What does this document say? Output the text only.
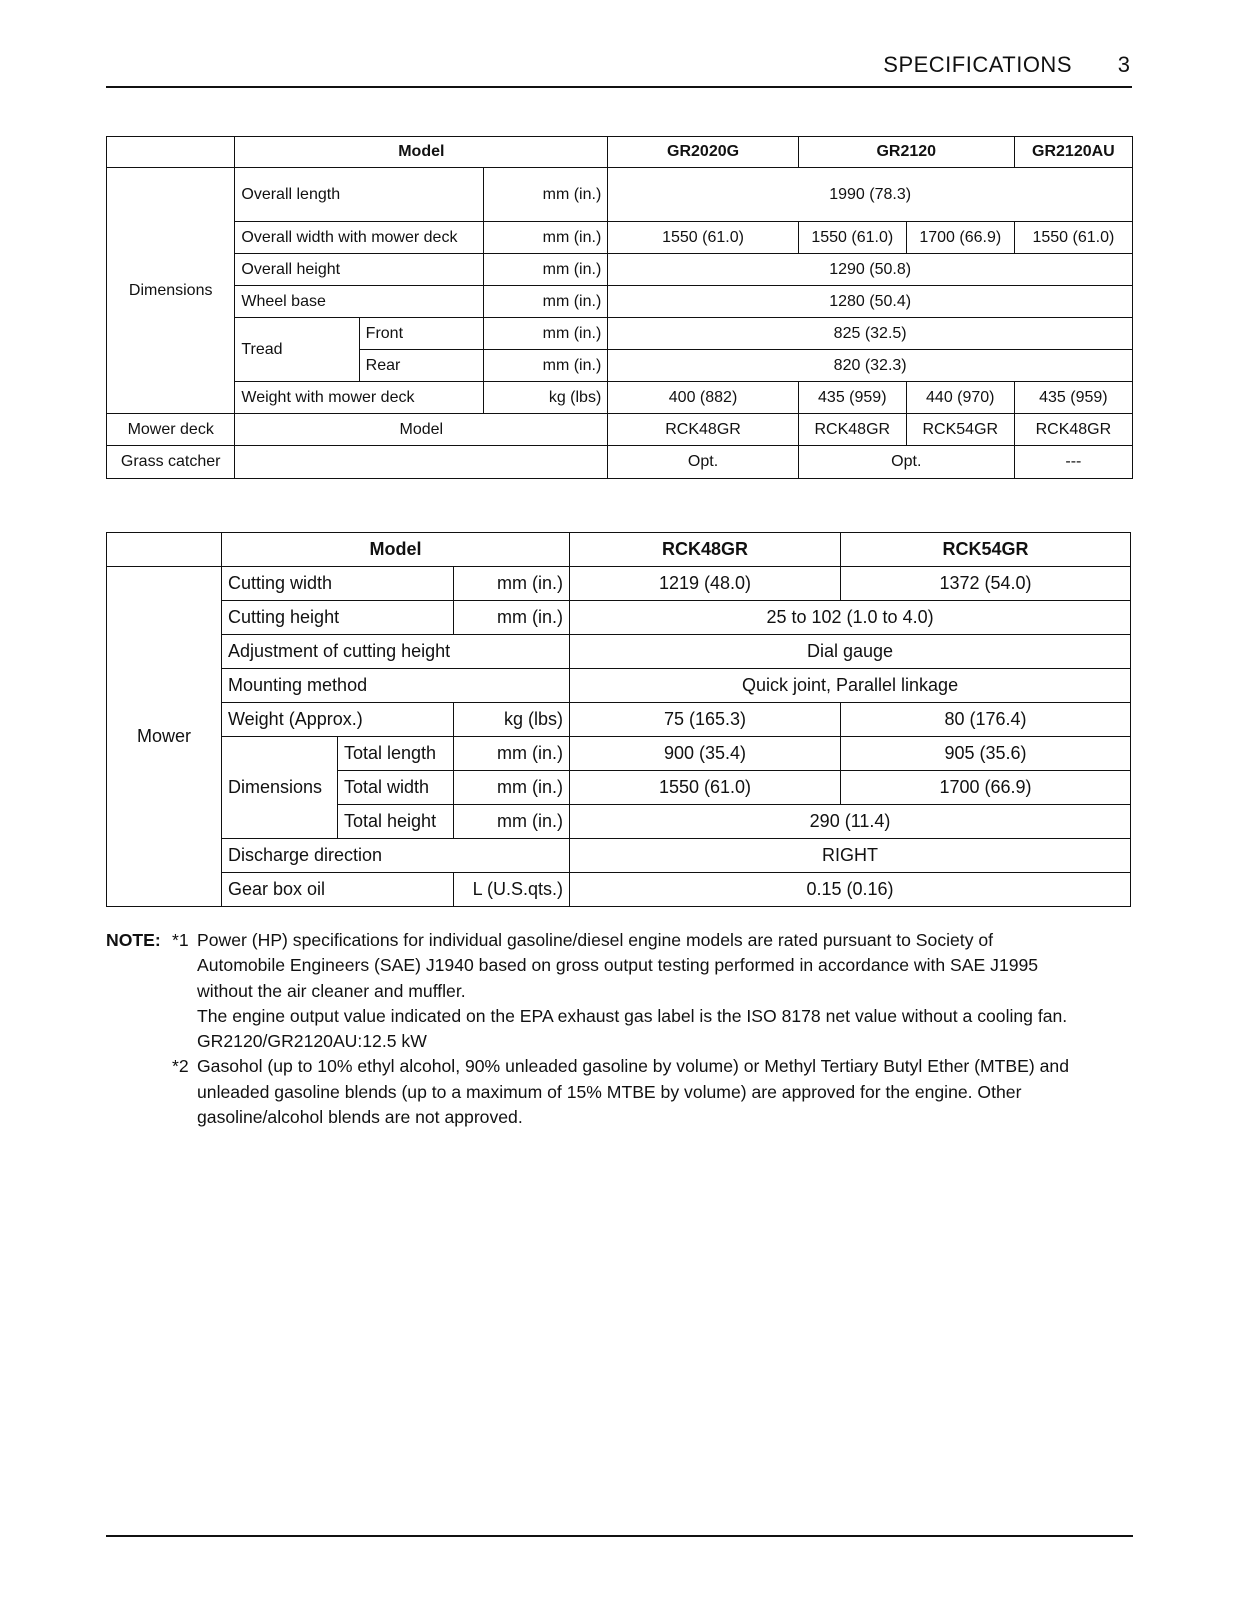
SPECIFICATIONS 3
	Model			GR2020G	GR2120		GR2120AU
Dimensions	Overall length		mm (in.)	1990 (78.3)			
	Overall width with mower deck		mm (in.)	1550 (61.0)	1550 (61.0)	1700 (66.9)	1550 (61.0)
	Overall height		mm (in.)	1290 (50.8)			
	Wheel base		mm (in.)	1280 (50.4)			
	Tread	Front	mm (in.)	825 (32.5)			
		Rear	mm (in.)	820 (32.3)			
	Weight with mower deck		kg (lbs)	400 (882)	435 (959)	440 (970)	435 (959)
Mower deck	Model			RCK48GR	RCK48GR	RCK54GR	RCK48GR
Grass catcher				Opt.	Opt.		---
	Model			RCK48GR	RCK54GR
Mower	Cutting width		mm (in.)	1219 (48.0)	1372 (54.0)
	Cutting height		mm (in.)	25 to 102 (1.0 to 4.0)	
	Adjustment of cutting height			Dial gauge	
	Mounting method			Quick joint, Parallel linkage	
	Weight (Approx.)		kg (lbs)	75 (165.3)	80 (176.4)
	Dimensions	Total length	mm (in.)	900 (35.4)	905 (35.6)
		Total width	mm (in.)	1550 (61.0)	1700 (66.9)
		Total height	mm (in.)	290 (11.4)	
	Discharge direction			RIGHT	
	Gear box oil		L (U.S.qts.)	0.15 (0.16)	
NOTE: *1 Power (HP) specifications for individual gasoline/diesel engine models are rated pursuant to Society of
Automobile Engineers (SAE) J1940 based on gross output testing performed in accordance with SAE J1995
without the air cleaner and muffler.
The engine output value indicated on the EPA exhaust gas label is the ISO 8178 net value without a cooling fan.
GR2120/GR2120AU:12.5 kW
*2 Gasohol (up to 10% ethyl alcohol, 90% unleaded gasoline by volume) or Methyl Tertiary Butyl Ether (MTBE) and
unleaded gasoline blends (up to a maximum of 15% MTBE by volume) are approved for the engine. Other
gasoline/alcohol blends are not approved.
